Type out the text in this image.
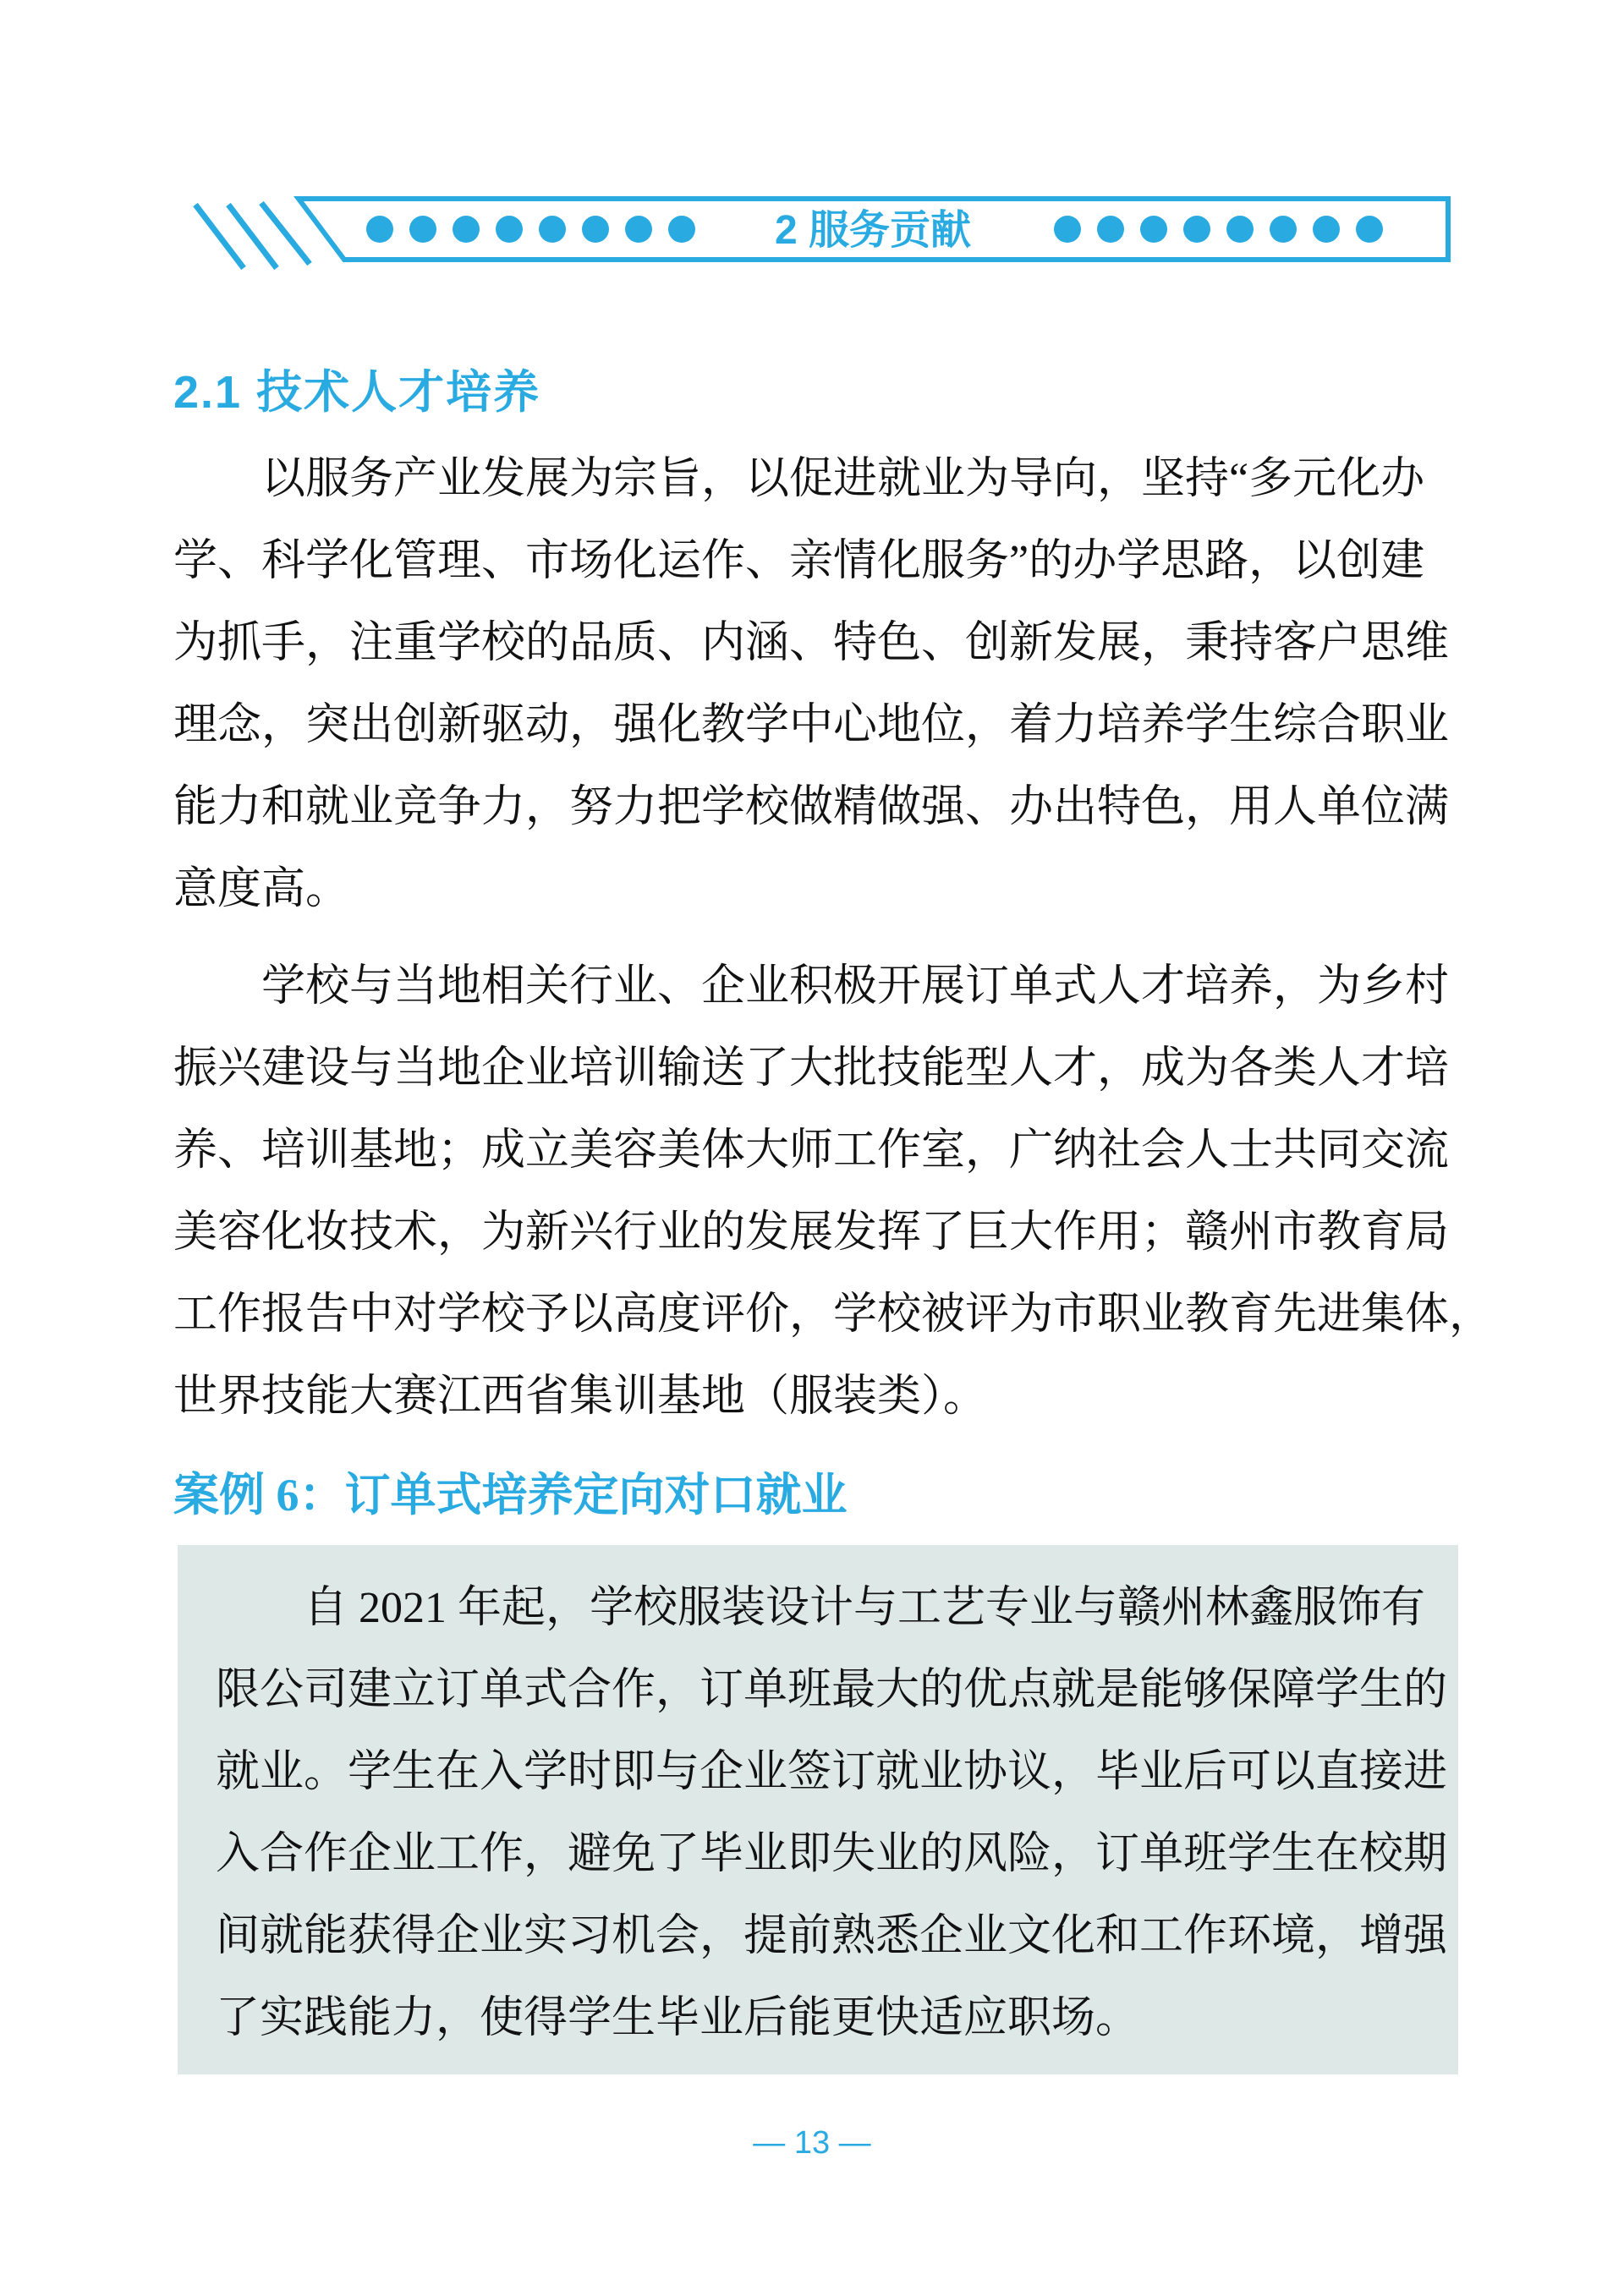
2 服务贡献
2.1 技术人才培养
以服务产业发展为宗旨，以促进就业为导向，坚持“多元化办
学、科学化管理、市场化运作、亲情化服务”的办学思路，以创建
为抓手，注重学校的品质、内涵、特色、创新发展，秉持客户思维
理念，突出创新驱动，强化教学中心地位，着力培养学生综合职业
能力和就业竞争力，努力把学校做精做强、办出特色，用人单位满
意度高。
学校与当地相关行业、企业积极开展订单式人才培养，为乡村
振兴建设与当地企业培训输送了大批技能型人才，成为各类人才培
养、培训基地；成立美容美体大师工作室，广纳社会人士共同交流
美容化妆技术，为新兴行业的发展发挥了巨大作用；赣州市教育局
工作报告中对学校予以高度评价，学校被评为市职业教育先进集体，
世界技能大赛江西省集训基地（服装类）。
案例 6：订单式培养定向对口就业
自 2021 年起，学校服装设计与工艺专业与赣州林鑫服饰有
限公司建立订单式合作，订单班最大的优点就是能够保障学生的
就业。学生在入学时即与企业签订就业协议，毕业后可以直接进
入合作企业工作，避免了毕业即失业的风险，订单班学生在校期
间就能获得企业实习机会，提前熟悉企业文化和工作环境，增强
了实践能力，使得学生毕业后能更快适应职场。
— 13 —
